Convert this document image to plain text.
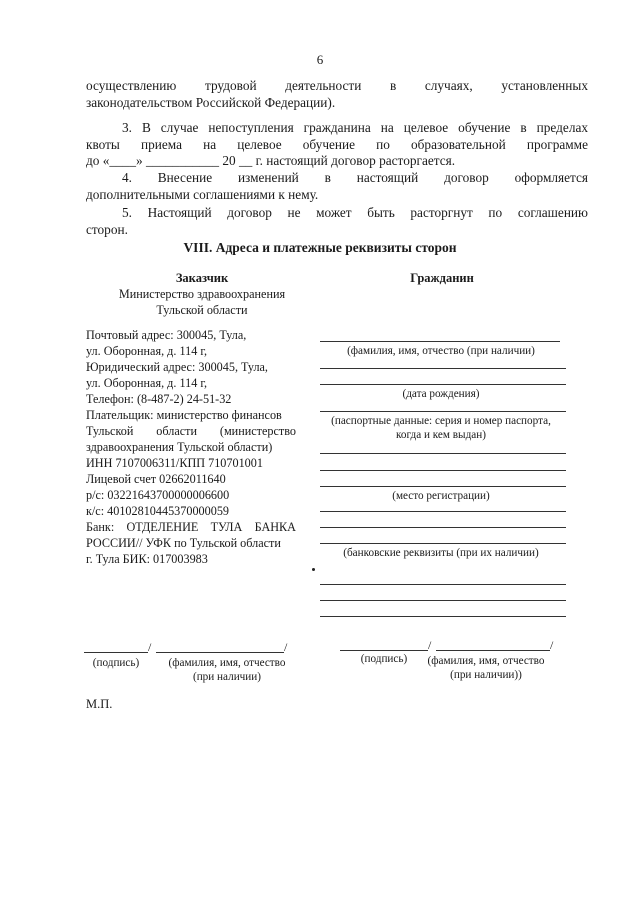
6
осуществлению трудовой деятельности в случаях, установленных
законодательством Российской Федерации).
3. В случае непоступления гражданина на целевое обучение в пределах
квоты приема на целевое обучение по образовательной программе
до «____» ___________ 20 __ г. настоящий договор расторгается.
4. Внесение изменений в настоящий договор оформляется
дополнительными соглашениями к нему.
5. Настоящий договор не может быть расторгнут по соглашению
сторон.
VIII. Адреса и платежные реквизиты сторон
Заказчик
Министерство здравоохранения
Тульской области
Почтовый адрес: 300045, Тула,
ул. Оборонная, д. 114 г,
Юридический адрес: 300045, Тула,
ул. Оборонная, д. 114 г,
Телефон: (8-487-2) 24-51-32
Плательщик: министерство финансов
Тульской области (министерство
здравоохранения Тульской области)
ИНН 7107006311/КПП 710701001
Лицевой счет 02662011640
р/с: 03221643700000006600
к/с: 40102810445370000059
Банк: ОТДЕЛЕНИЕ ТУЛА БАНКА
РОССИИ// УФК по Тульской области
г. Тула БИК: 017003983
Гражданин
(фамилия, имя, отчество (при наличии)
(дата рождения)
(паспортные данные: серия и номер паспорта,
когда и кем выдан)
(место регистрации)
(банковские реквизиты (при их наличии)
/	/
(подпись)	(фамилия, имя, отчество
(при наличии)
/	/
(подпись)	(фамилия, имя, отчество
(при наличии))
М.П.
